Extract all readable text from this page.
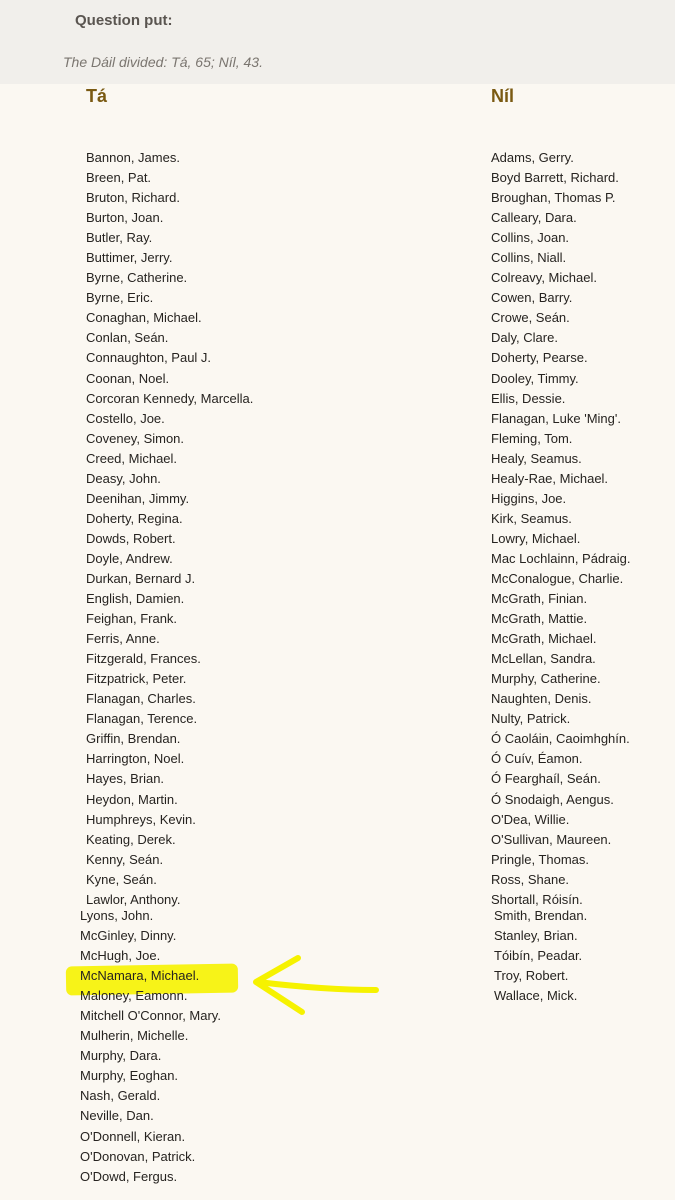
Question put:
The Dáil divided: Tá, 65; Níl, 43.
Tá	Níl
Bannon, James.
Breen, Pat.
Bruton, Richard.
Burton, Joan.
Butler, Ray.
Buttimer, Jerry.
Byrne, Catherine.
Byrne, Eric.
Conaghan, Michael.
Conlan, Seán.
Connaughton, Paul J.
Coonan, Noel.
Corcoran Kennedy, Marcella.
Costello, Joe.
Coveney, Simon.
Creed, Michael.
Deasy, John.
Deenihan, Jimmy.
Doherty, Regina.
Dowds, Robert.
Doyle, Andrew.
Durkan, Bernard J.
English, Damien.
Feighan, Frank.
Ferris, Anne.
Fitzgerald, Frances.
Fitzpatrick, Peter.
Flanagan, Charles.
Flanagan, Terence.
Griffin, Brendan.
Harrington, Noel.
Hayes, Brian.
Heydon, Martin.
Humphreys, Kevin.
Keating, Derek.
Kenny, Seán.
Kyne, Seán.
Lawlor, Anthony.
Lyons, John.
McGinley, Dinny.
McHugh, Joe.
McNamara, Michael.
Maloney, Eamonn.
Mitchell O'Connor, Mary.
Mulherin, Michelle.
Murphy, Dara.
Murphy, Eoghan.
Nash, Gerald.
Neville, Dan.
O'Donnell, Kieran.
O'Donovan, Patrick.
O'Dowd, Fergus.
Adams, Gerry.
Boyd Barrett, Richard.
Broughan, Thomas P.
Calleary, Dara.
Collins, Joan.
Collins, Niall.
Colreavy, Michael.
Cowen, Barry.
Crowe, Seán.
Daly, Clare.
Doherty, Pearse.
Dooley, Timmy.
Ellis, Dessie.
Flanagan, Luke 'Ming'.
Fleming, Tom.
Healy, Seamus.
Healy-Rae, Michael.
Higgins, Joe.
Kirk, Seamus.
Lowry, Michael.
Mac Lochlainn, Pádraig.
McConalogue, Charlie.
McGrath, Finian.
McGrath, Mattie.
McGrath, Michael.
McLellan, Sandra.
Murphy, Catherine.
Naughten, Denis.
Nulty, Patrick.
Ó Caoláin, Caoimhghín.
Ó Cuív, Éamon.
Ó Fearghaíl, Seán.
Ó Snodaigh, Aengus.
O'Dea, Willie.
O'Sullivan, Maureen.
Pringle, Thomas.
Ross, Shane.
Shortall, Róisín.
Smith, Brendan.
Stanley, Brian.
Tóibín, Peadar.
Troy, Robert.
Wallace, Mick.
